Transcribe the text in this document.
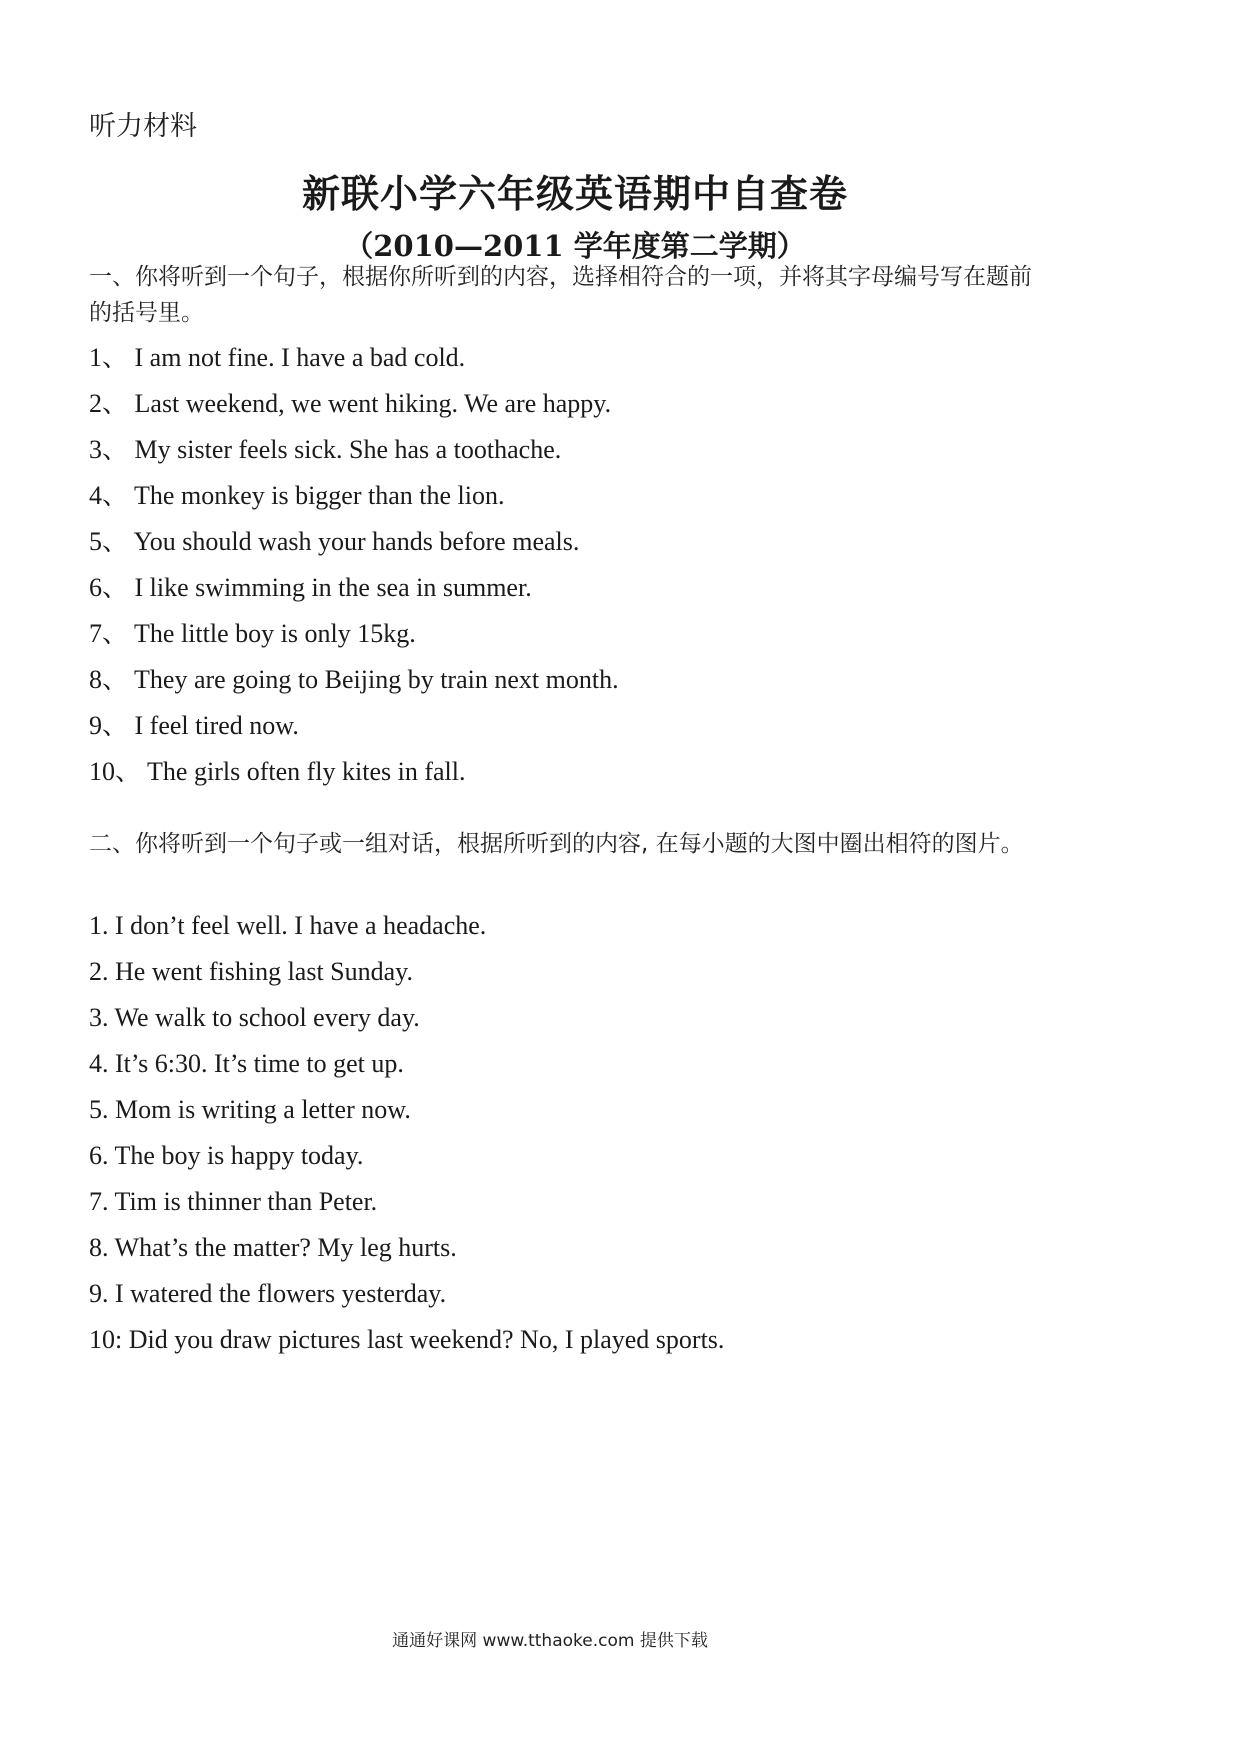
听力材料
新联小学六年级英语期中自查卷
（2010—2011 学年度第二学期）
一、你将听到一个句子，根据你所听到的内容，选择相符合的一项，并将其字母编号写在题前的括号里。
1、 I am not fine. I have a bad cold.
2、 Last weekend, we went hiking. We are happy.
3、 My sister feels sick. She has a toothache.
4、 The monkey is bigger than the lion.
5、 You should wash your hands before meals.
6、 I like swimming in the sea in summer.
7、 The little boy is only 15kg.
8、 They are going to Beijing by train next month.
9、 I feel tired now.
10、 The girls often fly kites in fall.
二、你将听到一个句子或一组对话，根据所听到的内容, 在每小题的大图中圈出相符的图片。
1. I don’t feel well. I have a headache.
2. He went fishing last Sunday.
3. We walk to school every day.
4. It’s 6:30. It’s time to get up.
5. Mom is writing a letter now.
6. The boy is happy today.
7. Tim is thinner than Peter.
8. What’s the matter? My leg hurts.
9. I watered the flowers yesterday.
10: Did you draw pictures last weekend? No, I played sports.
通通好课网 www.tthaoke.com 提供下载
